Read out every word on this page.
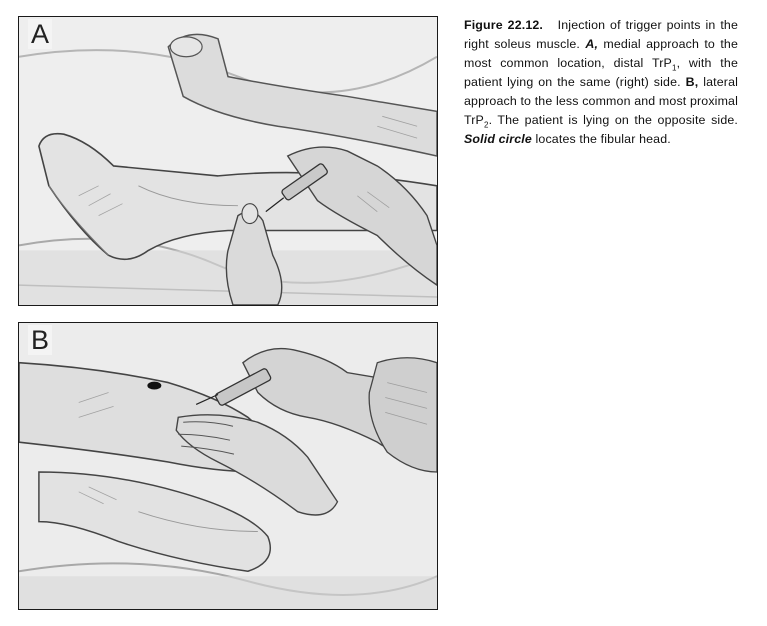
A
B
Figure 22.12. Injection of trigger points in the right soleus muscle. A, medial approach to the most common location, distal TrP$_1$, with the patient lying on the same (right) side. B, lateral approach to the less common and most proximal TrP$_2$. The patient is lying on the opposite side. Solid circle locates the fibular head.
